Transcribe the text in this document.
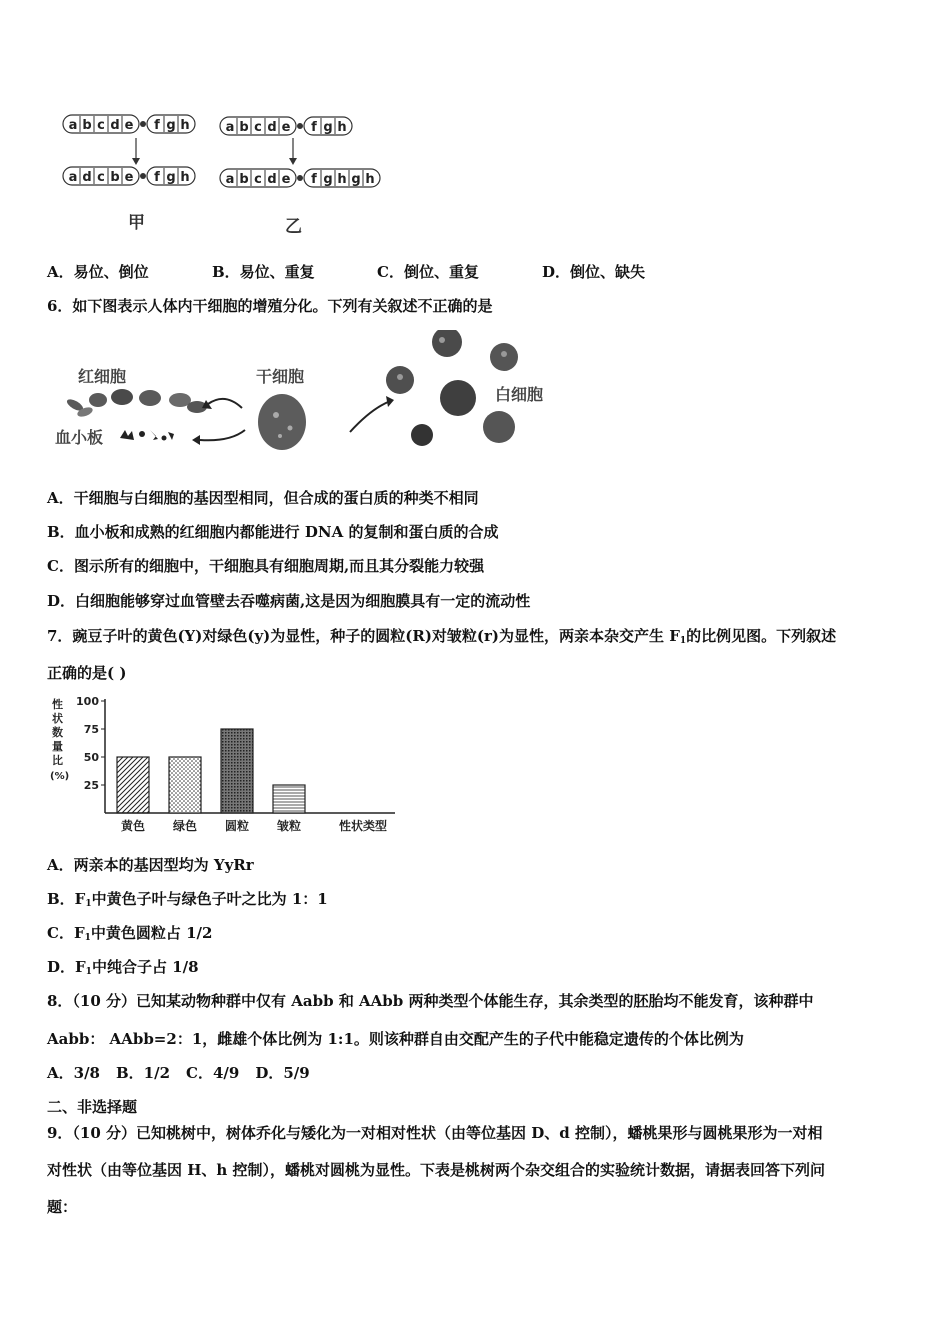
a b c d e f g h
a d c b e f g h
a b c d e f g h
a b c d e f g h g h
甲	乙
A．易位、倒位	B．易位、重复	C．倒位、重复	D．倒位、缺失
6．如下图表示人体内干细胞的增殖分化。下列有关叙述不正确的是
红细胞
血小板
干细胞
白细胞
A．干细胞与白细胞的基因型相同，但合成的蛋白质的种类不相同
B．血小板和成熟的红细胞内都能进行 DNA 的复制和蛋白质的合成
C．图示所有的细胞中，干细胞具有细胞周期,而且其分裂能力较强
D．白细胞能够穿过血管壁去吞噬病菌,这是因为细胞膜具有一定的流动性
7．豌豆子叶的黄色(Y)对绿色(y)为显性，种子的圆粒(R)对皱粒(r)为显性，两亲本杂交产生 $F_1$的比例见图。下列叙述
正确的是( )
性
状
数
量
比
(%)
25
50
75
100
黄色 绿色 圆粒 皱粒	性状类型
A．两亲本的基因型均为 YyRr
B．$F_1$中黄色子叶与绿色子叶之比为 1：1
C．$F_1$中黄色圆粒占 1/2
D．$F_1$中纯合子占 1/8
8．（10 分）已知某动物种群中仅有 Aabb 和 AAbb 两种类型个体能生存，其余类型的胚胎均不能发育，该种群中
Aabb： AAbb=2：1，雌雄个体比例为 1:1。则该种群自由交配产生的子代中能稳定遗传的个体比例为
A．3/8 B．1/2 C．4/9 D．5/9
二、非选择题
9．（10 分）已知桃树中，树体乔化与矮化为一对相对性状（由等位基因 D、d 控制），蟠桃果形与圆桃果形为一对相
对性状（由等位基因 H、h 控制），蟠桃对圆桃为显性。下表是桃树两个杂交组合的实验统计数据，请据表回答下列问
题：
